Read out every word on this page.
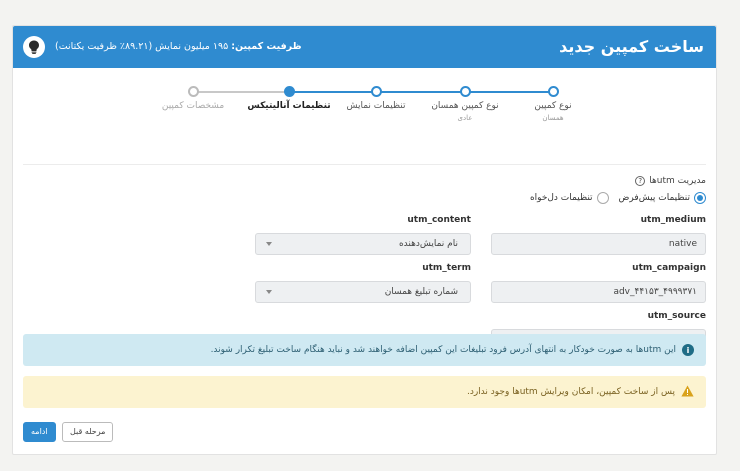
ساخت کمپین جدید
ظرفیت کمپین: ۱۹۵ میلیون نمایش (۸۹.۲۱٪ ظرفیت یکتانت)
مشخصات کمپین	تنظیمات آنالیتیکس	تنظیمات نمایش	نوع کمپین همسان
عادی
نوع کمپین
همسان
مدیریت utmها
?
تنظیمات پیش‌فرض
تنظیمات دل‌خواه
utm_medium
native
utm_campaign
adv_۴۴۱۵۳_۴۹۹۹۳۷۱
utm_source
utm_content
نام نمایش‌دهنده
utm_term
شماره تبلیغ همسان
i
این utmها به صورت خودکار به انتهای آدرس فرود تبلیغات این کمپین اضافه خواهند شد و نباید هنگام ساخت تبلیغ تکرار شوند.
پس از ساخت کمپین، امکان ویرایش utmها وجود ندارد.
ادامه	مرحله قبل
